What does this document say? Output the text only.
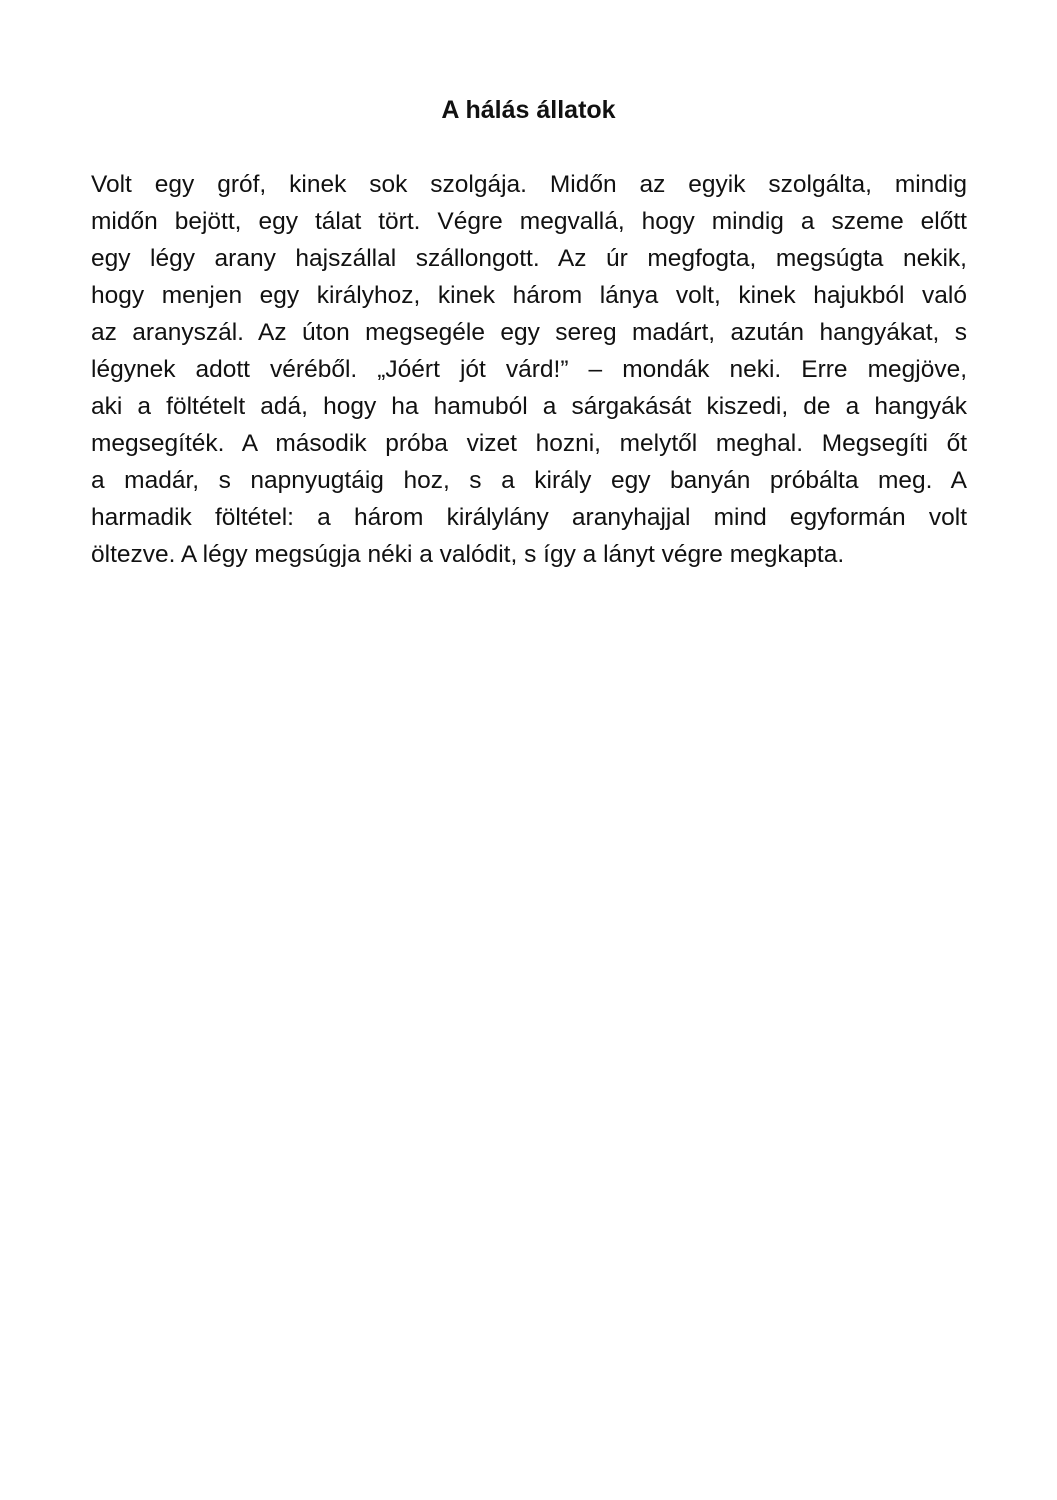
A hálás állatok
Volt egy gróf, kinek sok szolgája. Midőn az egyik szolgálta, mindig
midőn bejött, egy tálat tört. Végre megvallá, hogy mindig a szeme előtt
egy légy arany hajszállal szállongott. Az úr megfogta, megsúgta nekik,
hogy menjen egy királyhoz, kinek három lánya volt, kinek hajukból való
az aranyszál. Az úton megsegéle egy sereg madárt, azután hangyákat, s
légynek adott véréből. „Jóért jót várd!” – mondák neki. Erre megjöve,
aki a föltételt adá, hogy ha hamuból a sárgakását kiszedi, de a hangyák
megsegíték. A második próba vizet hozni, melytől meghal. Megsegíti őt
a madár, s napnyugtáig hoz, s a király egy banyán próbálta meg. A
harmadik föltétel: a három királylány aranyhajjal mind egyformán volt
öltezve. A légy megsúgja néki a valódit, s így a lányt végre megkapta.
